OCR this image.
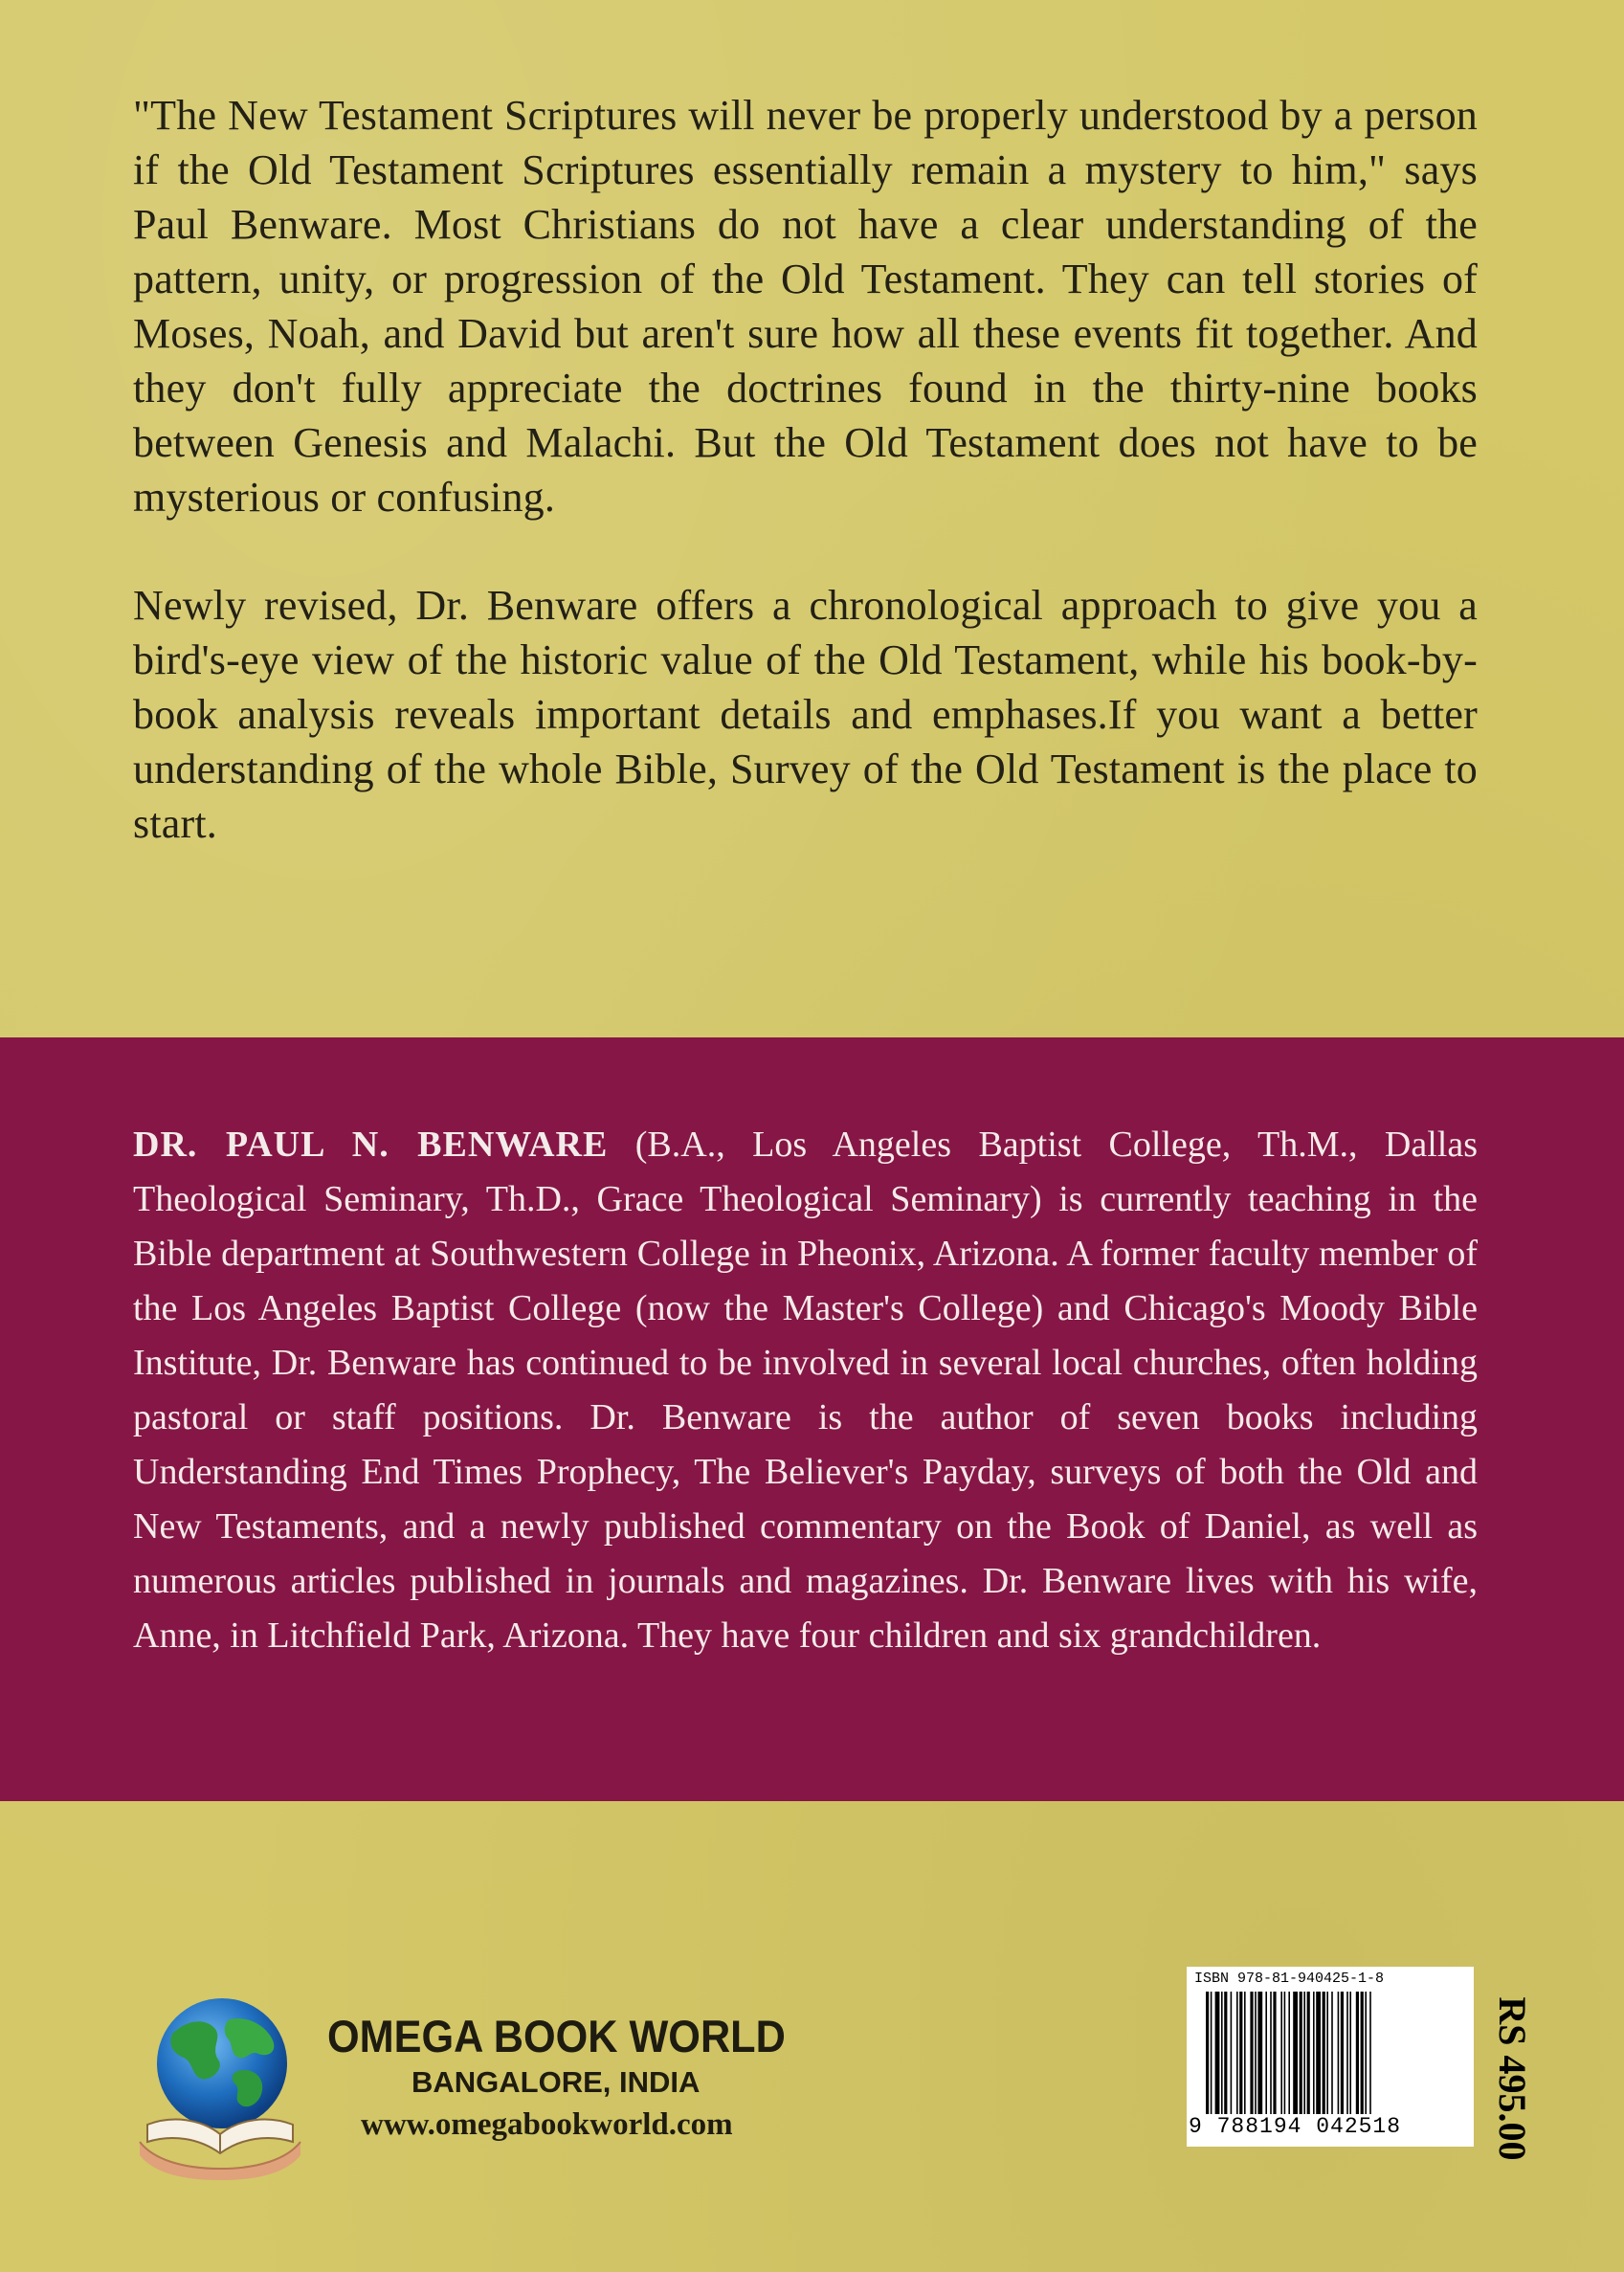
"The New Testament Scriptures will never be properly understood by a person if the Old Testament Scriptures essentially remain a mystery to him," says Paul Benware. Most Christians do not have a clear understanding of the pattern, unity, or progression of the Old Testament. They can tell stories of Moses, Noah, and David but aren't sure how all these events fit together. And they don't fully appreciate the doctrines found in the thirty-nine books between Genesis and Malachi. But the Old Testament does not have to be mysterious or confusing.

Newly revised, Dr. Benware offers a chronological approach to give you a bird's-eye view of the historic value of the Old Testament, while his book-by-book analysis reveals important details and emphases.If you want a better understanding of the whole Bible, Survey of the Old Testament is the place to start.

DR. PAUL N. BENWARE (B.A., Los Angeles Baptist College, Th.M., Dallas Theological Seminary, Th.D., Grace Theological Seminary) is currently teaching in the Bible department at Southwestern College in Pheonix, Arizona. A former faculty member of the Los Angeles Baptist College (now the Master's College) and Chicago's Moody Bible Institute, Dr. Benware has continued to be involved in several local churches, often holding pastoral or staff positions. Dr. Benware is the author of seven books including Understanding End Times Prophecy, The Believer's Payday, surveys of both the Old and New Testaments, and a newly published commentary on the Book of Daniel, as well as numerous articles published in journals and magazines. Dr. Benware lives with his wife, Anne, in Litchfield Park, Arizona. They have four children and six grandchildren.

OMEGA BOOK WORLD
BANGALORE, INDIA
www.omegabookworld.com
ISBN 978-81-940425-1-8
9 788194 042518 RS 495.00
